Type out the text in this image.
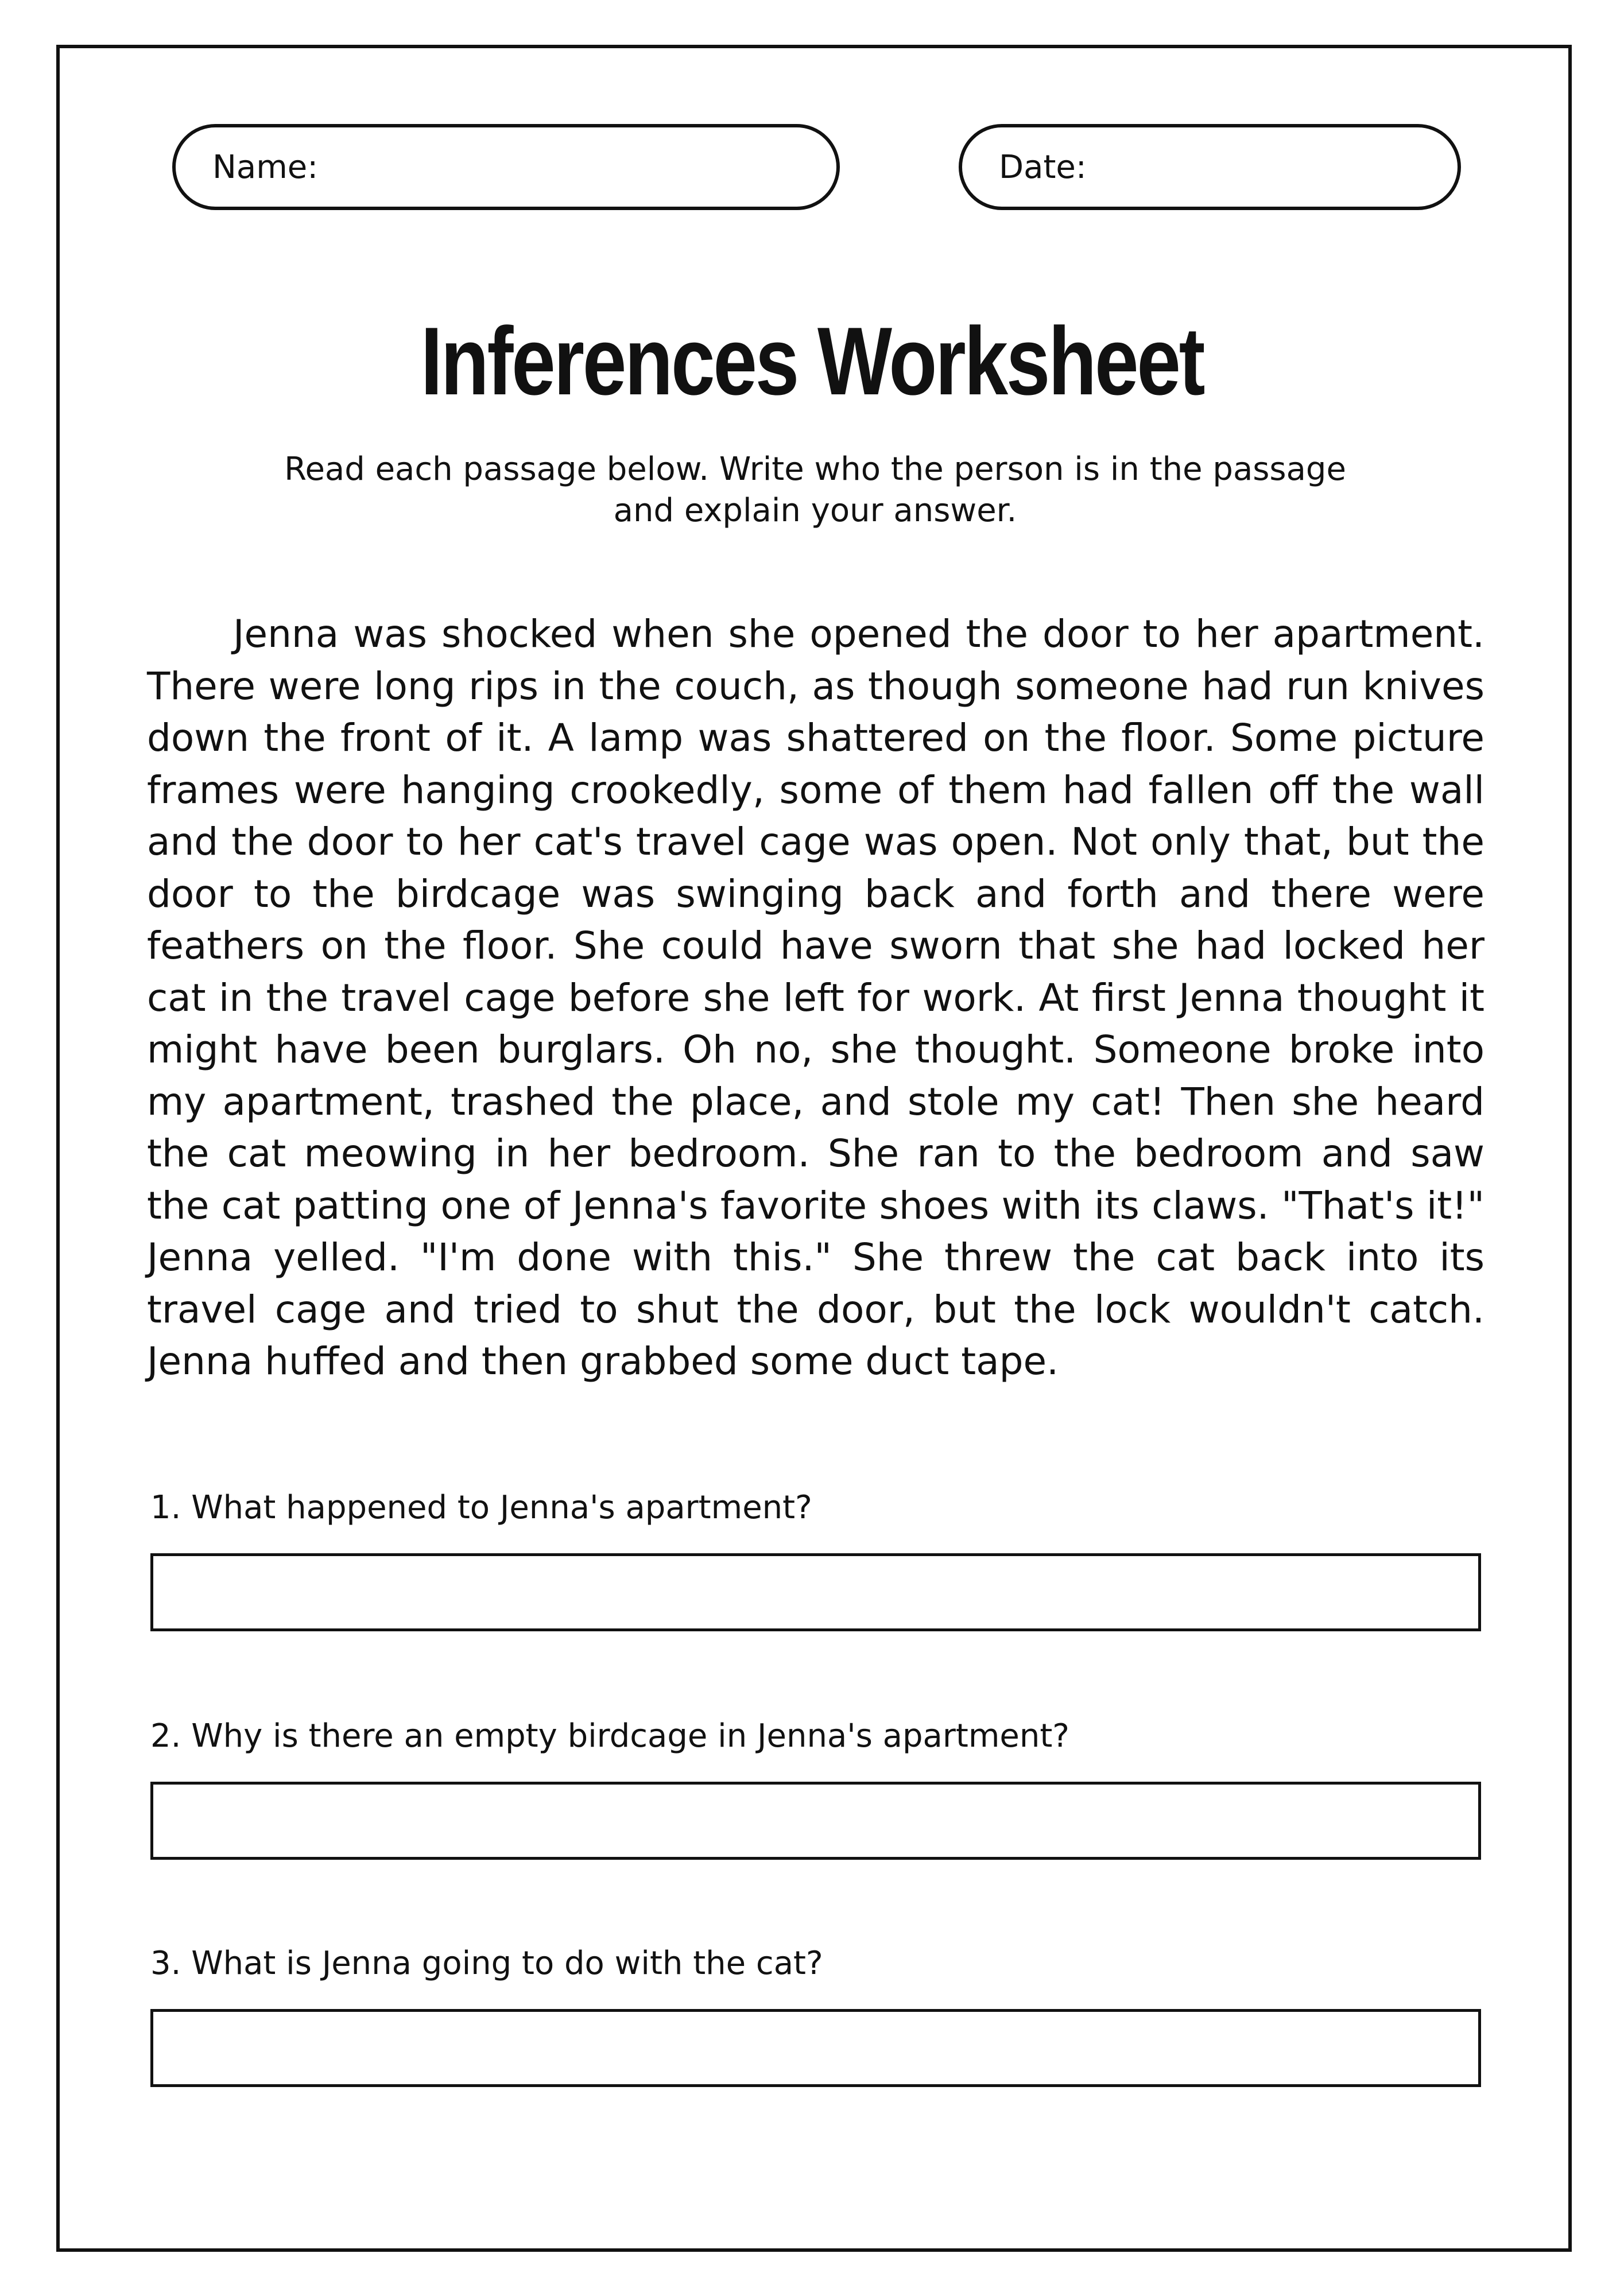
Name:	Date:
Inferences Worksheet
Read each passage below. Write who the person is in the passage
and explain your answer.

Jenna was shocked when she opened the door to her apartment. There were long rips in the couch, as though someone had run knives down the front of it. A lamp was shattered on the floor. Some picture frames were hanging crookedly, some of them had fallen off the wall and the door to her cat's travel cage was open. Not only that, but the door to the birdcage was swinging back and forth and there were feathers on the floor. She could have sworn that she had locked her cat in the travel cage before she left for work. At first Jenna thought it might have been burglars. Oh no, she thought. Someone broke into my apartment, trashed the place, and stole my cat! Then she heard the cat meowing in her bedroom. She ran to the bedroom and saw the cat patting one of Jenna's favorite shoes with its claws. "That's it!" Jenna yelled. "I'm done with this." She threw the cat back into its travel cage and tried to shut the door, but the lock wouldn't catch. Jenna huffed and then grabbed some duct tape.

1. What happened to Jenna's apartment?
2. Why is there an empty birdcage in Jenna's apartment?
3. What is Jenna going to do with the cat?
